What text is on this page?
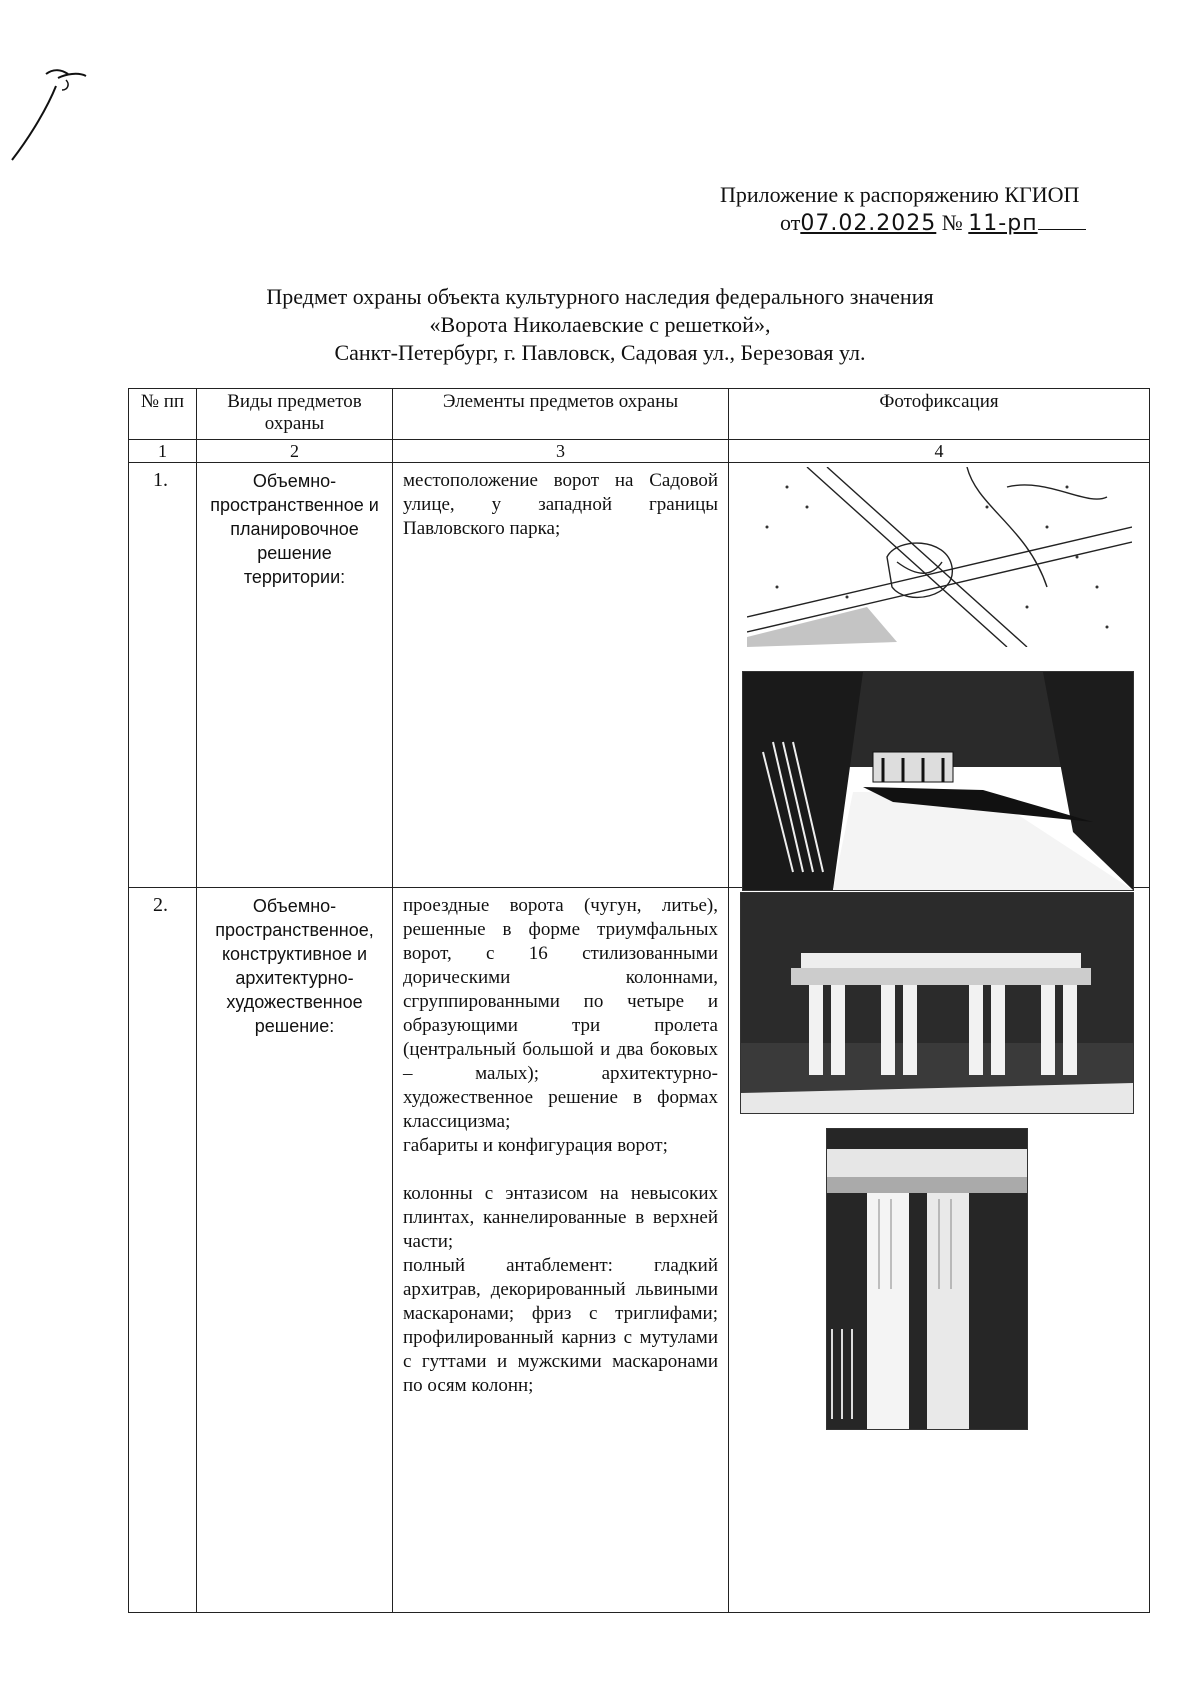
Приложение к распоряжению КГИОП
от07.02.2025 № 11-рп
Предмет охраны объекта культурного наследия федерального значения
«Ворота Николаевские с решеткой»,
Санкт-Петербург, г. Павловск, Садовая ул., Березовая ул.
№ пп	Виды предметов охраны	Элементы предметов охраны	Фотофиксация
1	2	3	4
1.	Объемно-пространственное и планировочное решение территории:	местоположение ворот на Садовой улице, у западной границы Павловского парка;

2.	Объемно-пространственное, конструктивное и архитектурно-художественное решение:	проездные ворота (чугун, литье), решенные в форме триумфальных ворот, с 16 стилизованными дорическими колоннами, сгруппированными по четыре и образующими три пролета (центральный большой и два боковых – малых); архитектурно-художественное решение в формах классицизма;

габариты и конфигурация ворот;

колонны с энтазисом на невысоких плинтах, каннелированные в верхней части;

полный антаблемент: гладкий архитрав, декорированный львиными маскаронами; фриз с триглифами; профилированный карниз с мутулами с гуттами и мужскими маскаронами по осям колонн;
